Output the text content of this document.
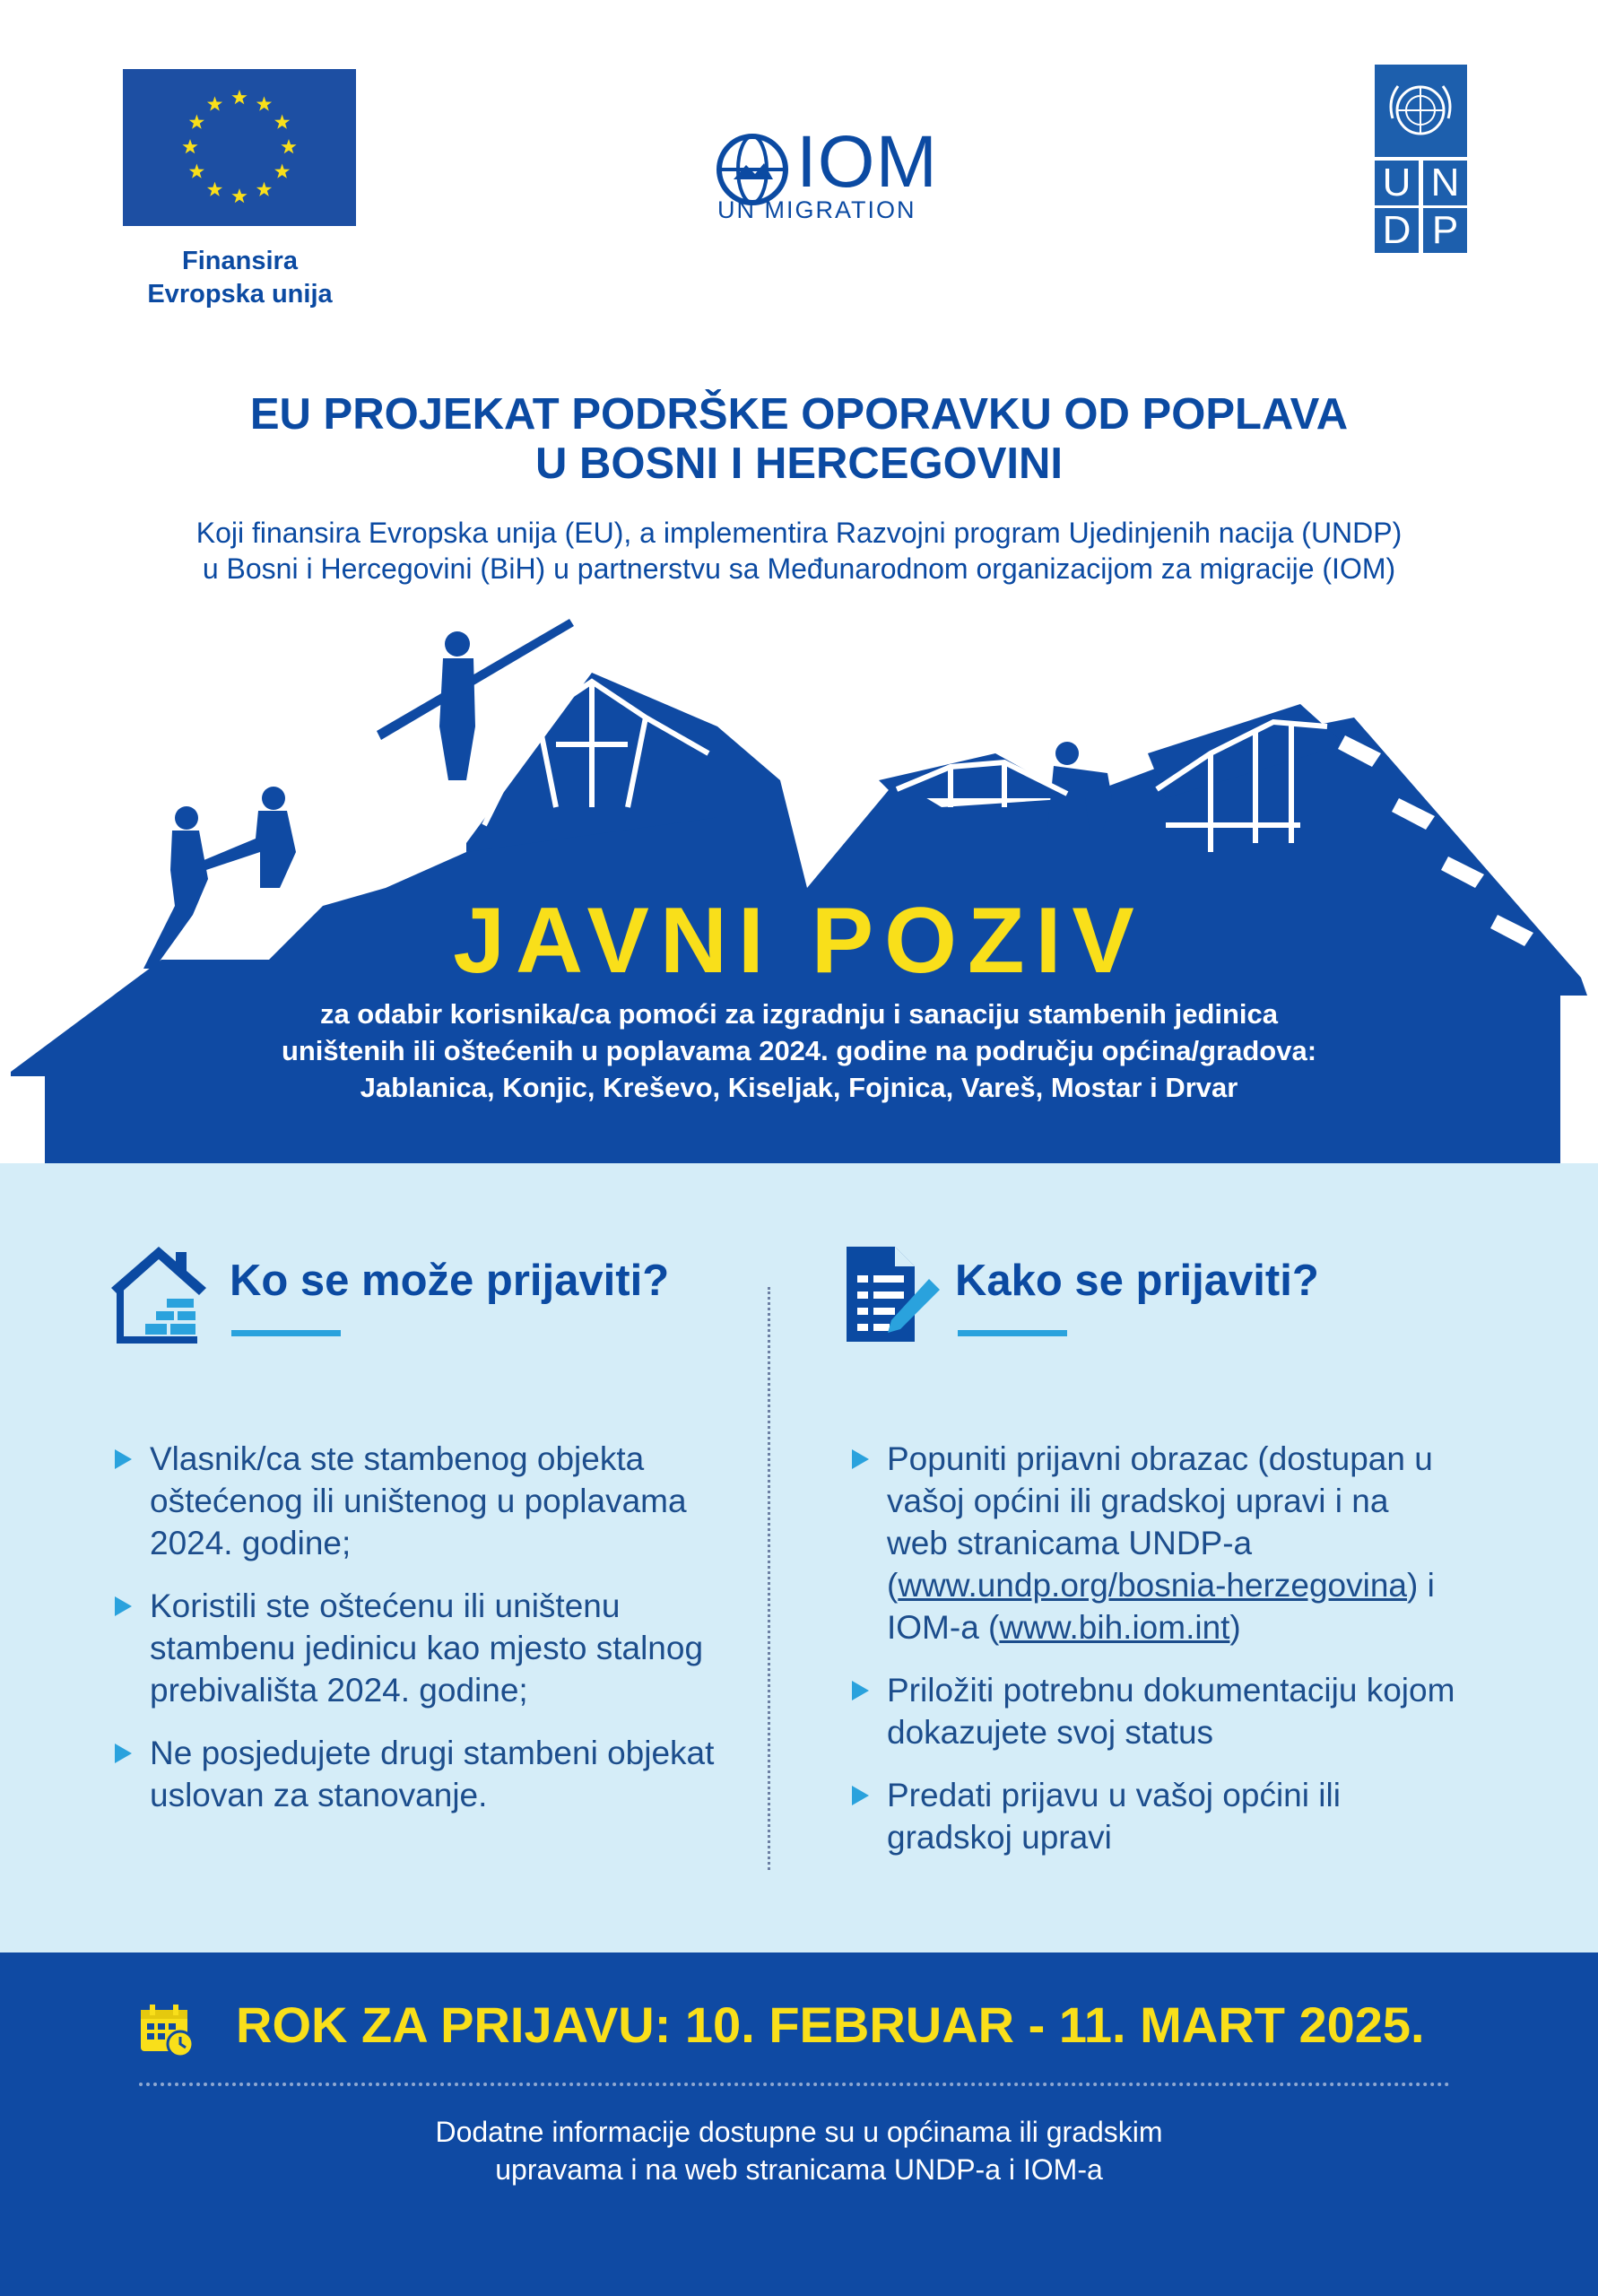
Finansira
Evropska unija
IOM
UN MIGRATION
U N
D P
EU PROJEKAT PODRŠKE OPORAVKU OD POPLAVA
U BOSNI I HERCEGOVINI
Koji finansira Evropska unija (EU), a implementira Razvojni program Ujedinjenih nacija (UNDP)
u Bosni i Hercegovini (BiH) u partnerstvu sa Međunarodnom organizacijom za migracije (IOM)
JAVNI POZIV
za odabir korisnika/ca pomoći za izgradnju i sanaciju stambenih jedinica
uništenih ili oštećenih u poplavama 2024. godine na području općina/gradova:
Jablanica, Konjic, Kreševo, Kiseljak, Fojnica, Vareš, Mostar i Drvar
Ko se može prijaviti?
Vlasnik/ca ste stambenog objekta oštećenog ili uništenog u poplavama 2024. godine;
Koristili ste oštećenu ili uništenu stambenu jedinicu kao mjesto stalnog prebivališta 2024. godine;
Ne posjedujete drugi stambeni objekat uslovan za stanovanje.
Kako se prijaviti?
Popuniti prijavni obrazac (dostupan u vašoj općini ili gradskoj upravi i na web stranicama UNDP-a (www.undp.org/bosnia-herzegovina) i IOM-a (www.bih.iom.int)
Priložiti potrebnu dokumentaciju kojom dokazujete svoj status
Predati prijavu u vašoj općini ili gradskoj upravi
ROK ZA PRIJAVU: 10. FEBRUAR - 11. MART 2025.
Dodatne informacije dostupne su u općinama ili gradskim
upravama i na web stranicama UNDP-a i IOM-a
